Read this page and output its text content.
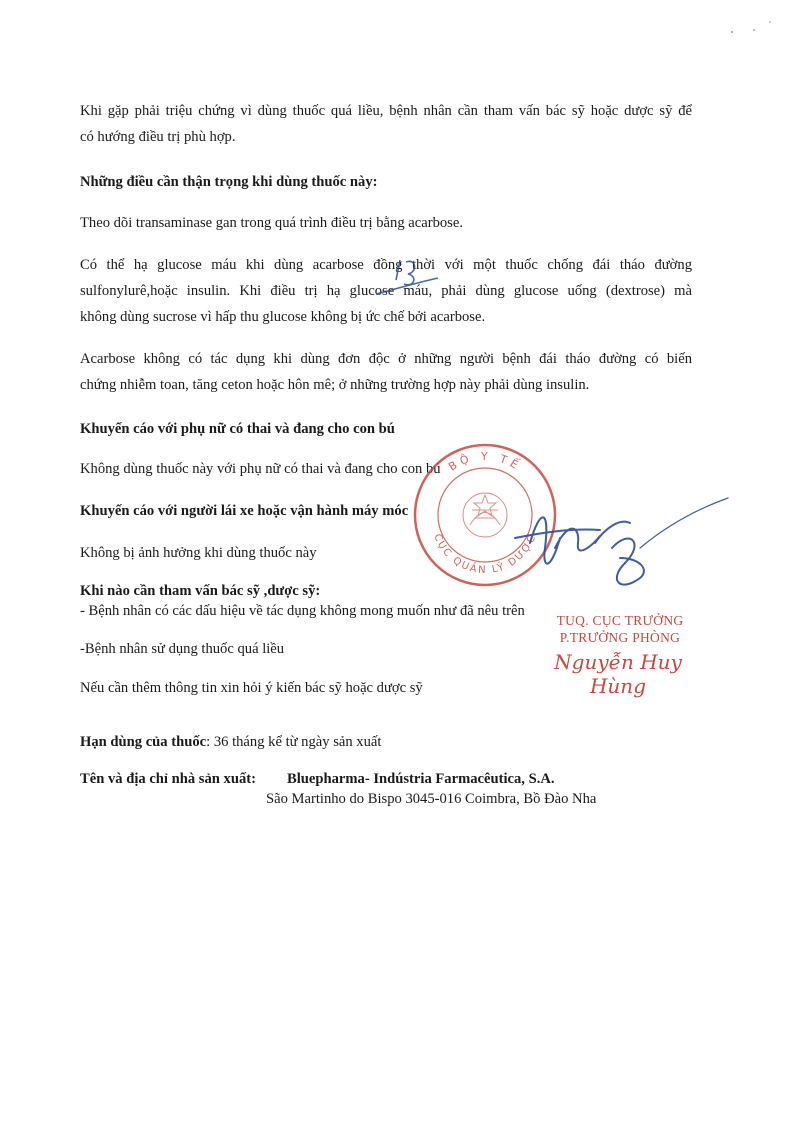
Khi gặp phải triệu chứng vì dùng thuốc quá liều, bệnh nhân cần tham vấn bác sỹ hoặc dược sỹ để
có hướng điều trị phù hợp.
Những điều cần thận trọng khi dùng thuốc này:
Theo dõi transaminase gan trong quá trình điều trị bằng acarbose.
Có thể hạ glucose máu khi dùng acarbose đồng thời với một thuốc chống đái tháo đường
sulfonylurê,hoặc insulin. Khi điều trị hạ glucose máu, phải dùng glucose uống (dextrose) mà
không dùng sucrose vì hấp thu glucose không bị ức chế bởi acarbose.
Acarbose không có tác dụng khi dùng đơn độc ở những người bệnh đái tháo đường có biến
chứng nhiễm toan, tăng ceton hoặc hôn mê; ở những trường hợp này phải dùng insulin.
Khuyến cáo với phụ nữ có thai và đang cho con bú
Không dùng thuốc này với phụ nữ có thai và đang cho con bú
Khuyến cáo với người lái xe hoặc vận hành máy móc
Không bị ảnh hưởng khi dùng thuốc này
Khi nào cần tham vấn bác sỹ ,dược sỹ:
- Bệnh nhân có các dấu hiệu về tác dụng không mong muốn như đã nêu trên
-Bệnh nhân sử dụng thuốc quá liều
Nếu cần thêm thông tin xin hỏi ý kiến bác sỹ hoặc dược sỹ
Hạn dùng của thuốc: 36 tháng kể từ ngày sản xuất
Tên và địa chỉ nhà sản xuất: Bluepharma- Indústria Farmacêutica, S.A.
São Martinho do Bispo 3045-016 Coimbra, Bồ Đào Nha
BỘ Y TẾ
CỤC QUẢN LÝ DƯỢC
TUQ. CỤC TRƯỞNG
P.TRƯỞNG PHÒNG
Nguyễn Huy Hùng
